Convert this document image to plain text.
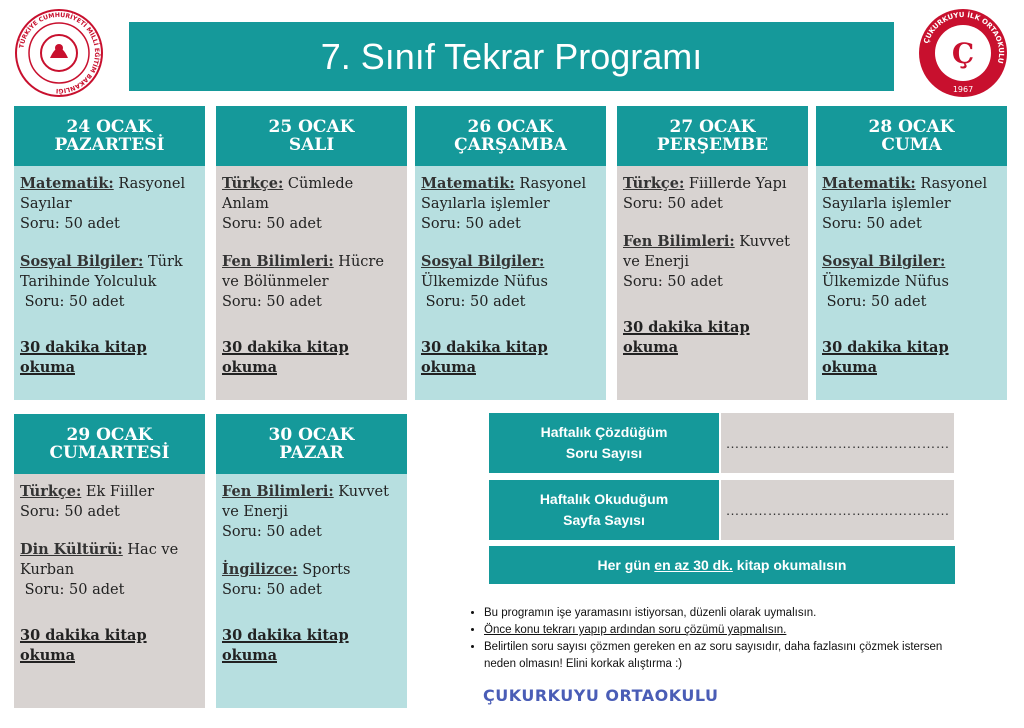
TÜRKİYE CUMHURİYETİ MİLLİ EĞİTİM BAKANLIĞI
7. Sınıf Tekrar Programı	ÇUKURKUYU İLK ORTAOKULU
Ç
1967
24 OCAK
PAZARTESİ
Matematik: Rasyonel Sayılar
Soru: 50 adet
Sosyal Bilgiler: Türk Tarihinde Yolculuk
Soru: 50 adet
30 dakika kitap okuma
25 OCAK
SALI
Türkçe: Cümlede Anlam
Soru: 50 adet
Fen Bilimleri: Hücre ve Bölünmeler
Soru: 50 adet
30 dakika kitap okuma
26 OCAK
ÇARŞAMBA
Matematik: Rasyonel Sayılarla işlemler
Soru: 50 adet
Sosyal Bilgiler: Ülkemizde Nüfus
Soru: 50 adet
30 dakika kitap okuma
27 OCAK
PERŞEMBE
Türkçe: Fiillerde Yapı
Soru: 50 adet
Fen Bilimleri: Kuvvet ve Enerji
Soru: 50 adet
30 dakika kitap okuma
28 OCAK
CUMA
Matematik: Rasyonel Sayılarla işlemler
Soru: 50 adet
Sosyal Bilgiler: Ülkemizde Nüfus
Soru: 50 adet
30 dakika kitap okuma
29 OCAK
CUMARTESİ
Türkçe: Ek Fiiller
Soru: 50 adet
Din Kültürü: Hac ve Kurban
Soru: 50 adet
30 dakika kitap okuma
30 OCAK
PAZAR
Fen Bilimleri: Kuvvet ve Enerji
Soru: 50 adet
İngilizce: Sports
Soru: 50 adet
30 dakika kitap okuma
Haftalık Çözdüğüm
Soru Sayısı
…………………………………………
Haftalık Okuduğum
Sayfa Sayısı
…………………………………………
Her gün en az 30 dk. kitap okumalısın
• Bu programın işe yaramasını istiyorsan, düzenli olarak uymalısın.
• Önce konu tekrarı yapıp ardından soru çözümü yapmalısın.
• Belirtilen soru sayısı çözmen gereken en az soru sayısıdır, daha fazlasını çözmek istersen neden olmasın! Elini korkak alıştırma :)
ÇUKURKUYU ORTAOKULU
